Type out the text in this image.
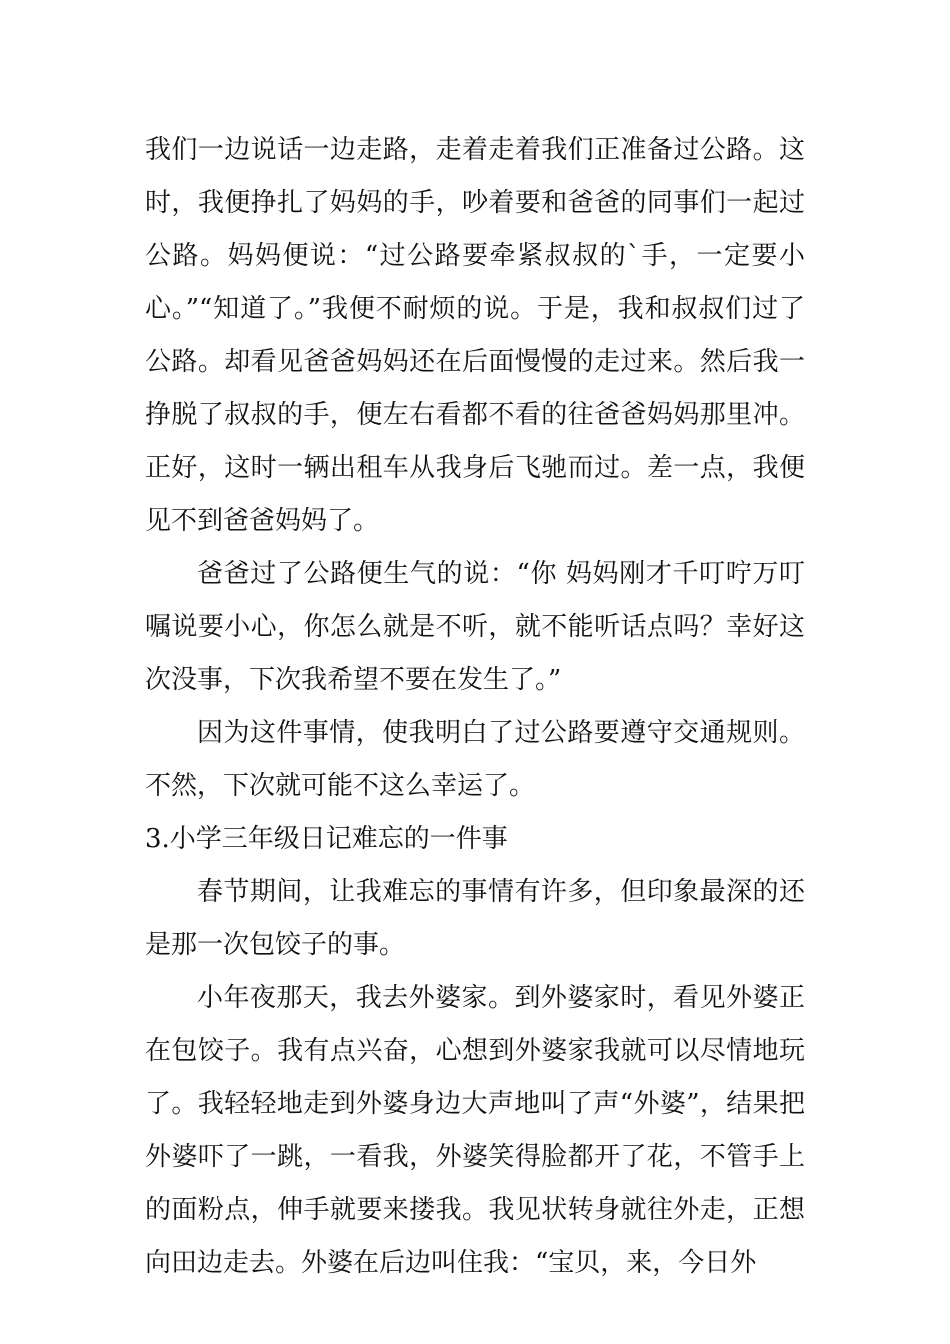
我们一边说话一边走路，走着走着我们正准备过公路。这时，我便挣扎了妈妈的手，吵着要和爸爸的同事们一起过公路。妈妈便说：“过公路要牵紧叔叔的`手，一定要小心。”“知道了。”我便不耐烦的说。于是，我和叔叔们过了公路。却看见爸爸妈妈还在后面慢慢的走过来。然后我一挣脱了叔叔的手，便左右看都不看的往爸爸妈妈那里冲。正好，这时一辆出租车从我身后飞驰而过。差一点，我便见不到爸爸妈妈了。

爸爸过了公路便生气的说：“你 妈妈刚才千叮咛万叮嘱说要小心，你怎么就是不听，就不能听话点吗？幸好这次没事，下次我希望不要在发生了。”

因为这件事情，使我明白了过公路要遵守交通规则。不然，下次就可能不这么幸运了。

3.小学三年级日记难忘的一件事

春节期间，让我难忘的事情有许多，但印象最深的还是那一次包饺子的事。

小年夜那天，我去外婆家。到外婆家时，看见外婆正在包饺子。我有点兴奋，心想到外婆家我就可以尽情地玩了。我轻轻地走到外婆身边大声地叫了声“外婆”，结果把外婆吓了一跳，一看我，外婆笑得脸都开了花，不管手上的面粉点，伸手就要来搂我。我见状转身就往外走，正想向田边走去。外婆在后边叫住我：“宝贝，来，今日外
